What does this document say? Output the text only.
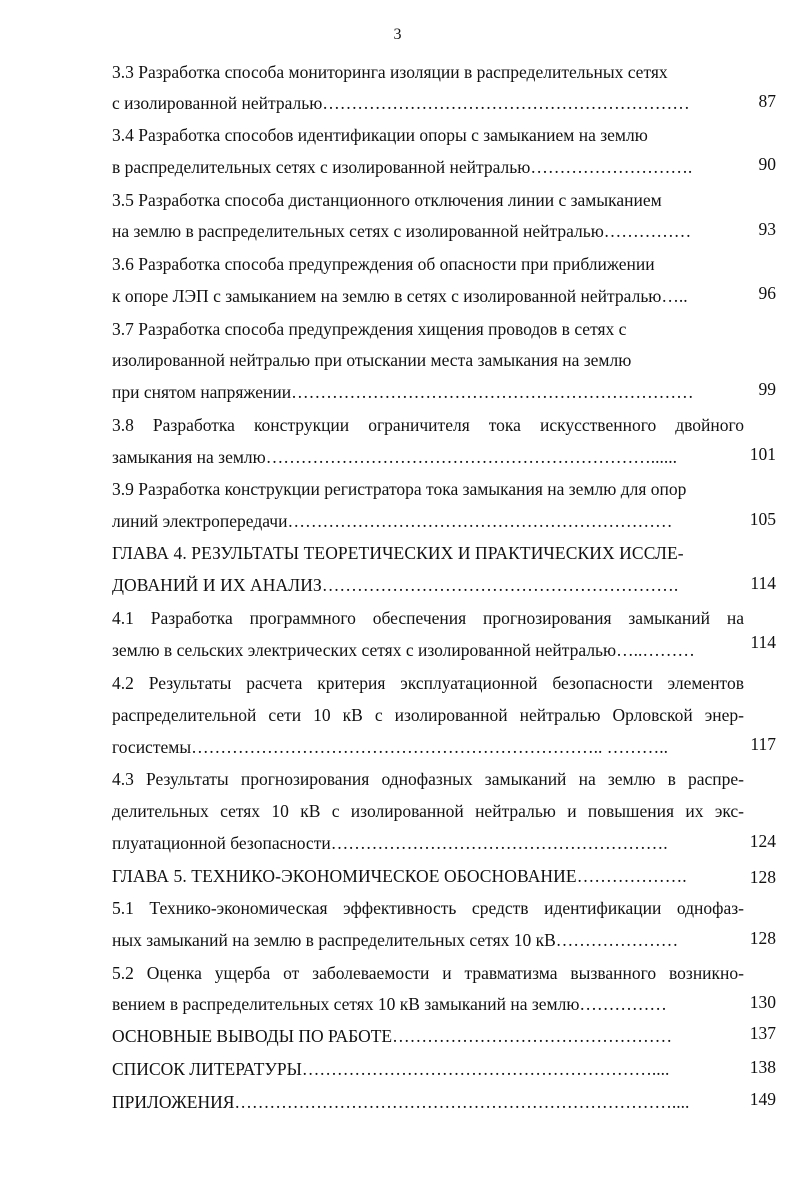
3
3.3 Разработка способа мониторинга изоляции в распределительных сетях
с изолированной нейтралью………………………………………………………	87
3.4 Разработка способов идентификации опоры с замыканием на землю
в распределительных сетях с изолированной нейтралью……………………….	90
3.5 Разработка способа дистанционного отключения линии с замыканием
на землю в распределительных сетях с изолированной нейтралью……………	93
3.6 Разработка способа предупреждения об опасности при приближении
к опоре ЛЭП с замыканием на землю в сетях с изолированной нейтралью…..	96
3.7 Разработка способа предупреждения хищения проводов в сетях с
изолированной нейтралью при отыскании места замыкания на землю
при снятом напряжении……………………………………………………………	99
3.8 Разработка конструкции ограничителя тока искусственного двойного
замыкания на землю…………………………………………………………......	101
3.9 Разработка конструкции регистратора тока замыкания на землю для опор
линий электропередачи…………………………………………………………	105
ГЛАВА 4. РЕЗУЛЬТАТЫ ТЕОРЕТИЧЕСКИХ И ПРАКТИЧЕСКИХ ИССЛЕ-
ДОВАНИЙ И ИХ АНАЛИЗ…………………………………………………….	114
4.1 Разработка программного обеспечения прогнозирования замыканий на
землю в сельских электрических сетях с изолированной нейтралью…..………	114
4.2 Результаты расчета критерия эксплуатационной безопасности элементов
распределительной сети 10 кВ с изолированной нейтралью Орловской энер-
госистемы…………………………………………………………….. ………..	117
4.3 Результаты прогнозирования однофазных замыканий на землю в распре-
делительных сетях 10 кВ с изолированной нейтралью и повышения их экс-
плуатационной безопасности………………………………………………….	124
ГЛАВА 5. ТЕХНИКО-ЭКОНОМИЧЕСКОЕ ОБОСНОВАНИЕ……………….	128
5.1 Технико-экономическая эффективность средств идентификации однофаз-
ных замыканий на землю в распределительных сетях 10 кВ…………………	128
5.2 Оценка ущерба от заболеваемости и травматизма вызванного возникно-
вением в распределительных сетях 10 кВ замыканий на землю……………	130
ОСНОВНЫЕ ВЫВОДЫ ПО РАБОТЕ…………………………………………	137
СПИСОК ЛИТЕРАТУРЫ……………………………………………………....	138
ПРИЛОЖЕНИЯ…………………………………………………………………....	149
